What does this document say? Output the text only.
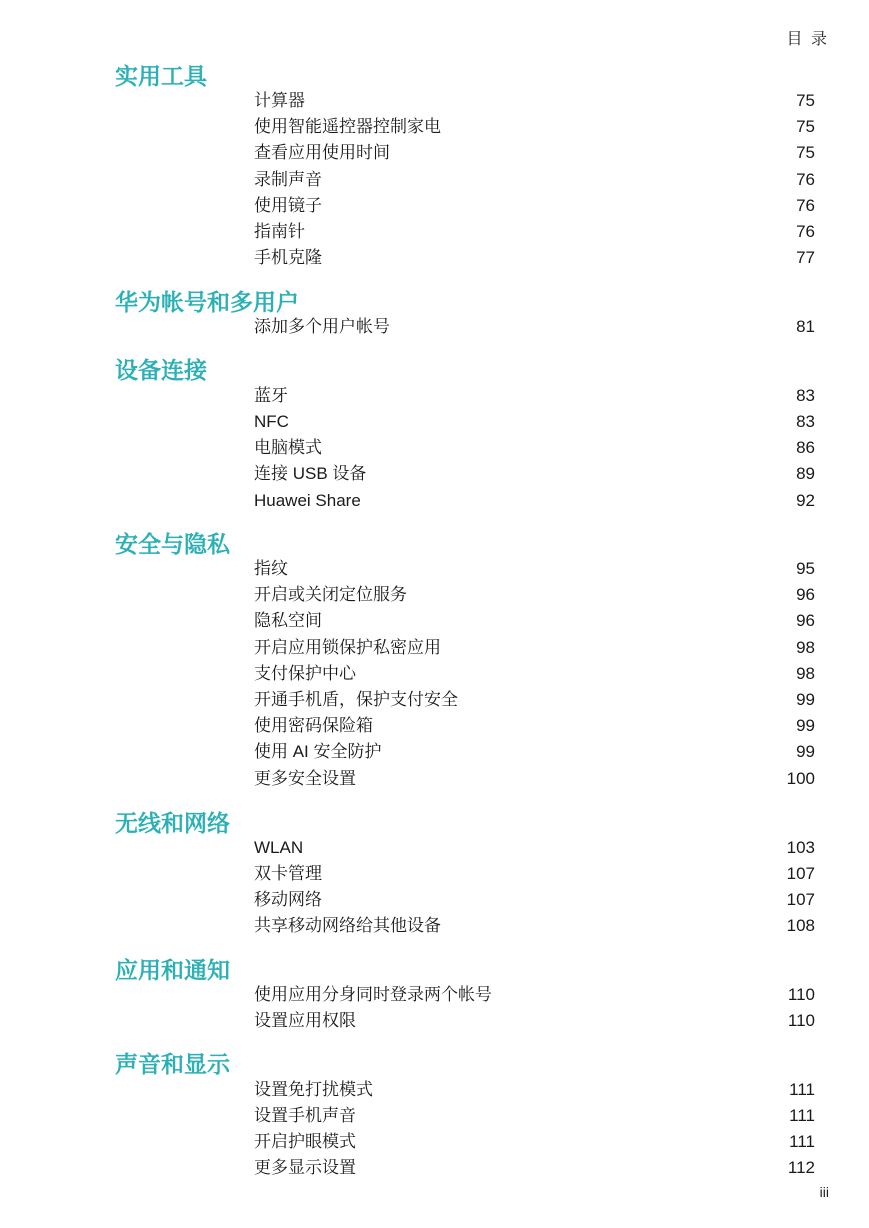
目 录
实用工具
计算器	75
使用智能遥控器控制家电	75
查看应用使用时间	75
录制声音	76
使用镜子	76
指南针	76
手机克隆	77
华为帐号和多用户
添加多个用户帐号	81
设备连接
蓝牙	83
NFC	83
电脑模式	86
连接 USB 设备	89
Huawei Share	92
安全与隐私
指纹	95
开启或关闭定位服务	96
隐私空间	96
开启应用锁保护私密应用	98
支付保护中心	98
开通手机盾，保护支付安全	99
使用密码保险箱	99
使用 AI 安全防护	99
更多安全设置	100
无线和网络
WLAN	103
双卡管理	107
移动网络	107
共享移动网络给其他设备	108
应用和通知
使用应用分身同时登录两个帐号	110
设置应用权限	110
声音和显示
设置免打扰模式	111
设置手机声音	111
开启护眼模式	111
更多显示设置	112
iii
